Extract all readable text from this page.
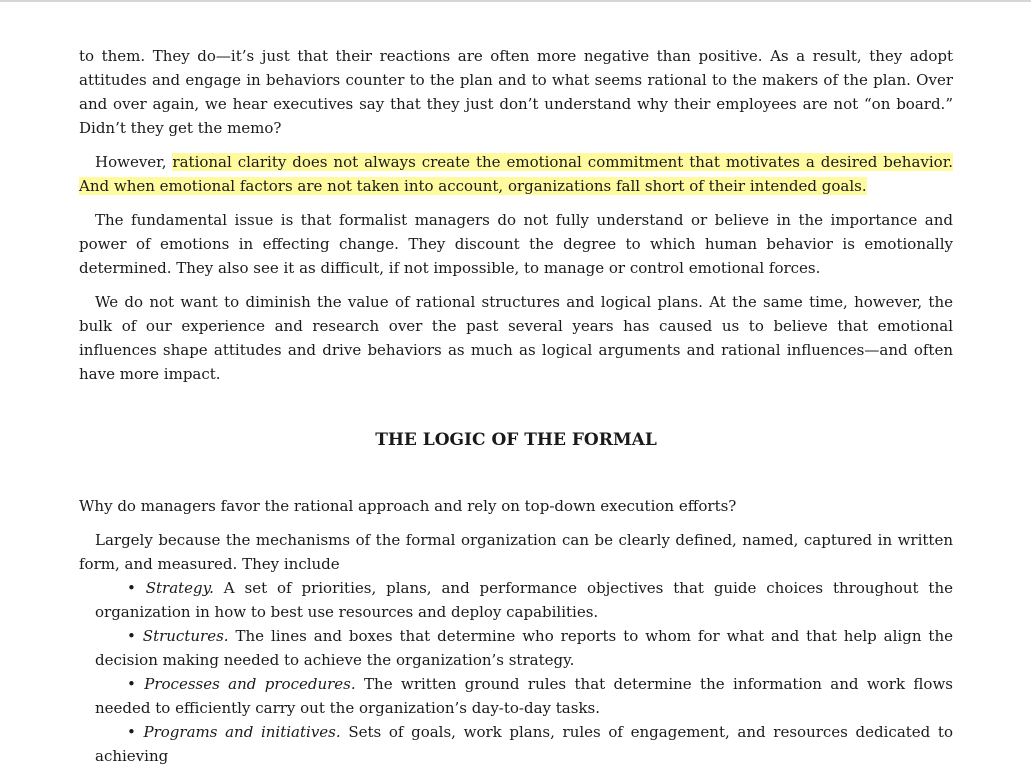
to them. They do—it’s just that their reactions are often more negative than positive. As a result, they adopt attitudes and engage in behaviors counter to the plan and to what seems rational to the makers of the plan. Over and over again, we hear executives say that they just don’t understand why their employees are not “on board.” Didn’t they get the memo?

However, rational clarity does not always create the emotional commitment that motivates a desired behavior. And when emotional factors are not taken into account, organizations fall short of their intended goals.

The fundamental issue is that formalist managers do not fully understand or believe in the importance and power of emotions in effecting change. They discount the degree to which human behavior is emotionally determined. They also see it as difficult, if not impossible, to manage or control emotional forces.

We do not want to diminish the value of rational structures and logical plans. At the same time, however, the bulk of our experience and research over the past several years has caused us to believe that emotional influences shape attitudes and drive behaviors as much as logical arguments and rational influences—and often have more impact.

THE LOGIC OF THE FORMAL

Why do managers favor the rational approach and rely on top-down execution efforts?

Largely because the mechanisms of the formal organization can be clearly defined, named, captured in written form, and measured. They include

• Strategy. A set of priorities, plans, and performance objectives that guide choices throughout the organization in how to best use resources and deploy capabilities.

• Structures. The lines and boxes that determine who reports to whom for what and that help align the decision making needed to achieve the organization’s strategy.

• Processes and procedures. The written ground rules that determine the information and work flows needed to efficiently carry out the organization’s day-to-day tasks.

• Programs and initiatives. Sets of goals, work plans, rules of engagement, and resources dedicated to achieving
